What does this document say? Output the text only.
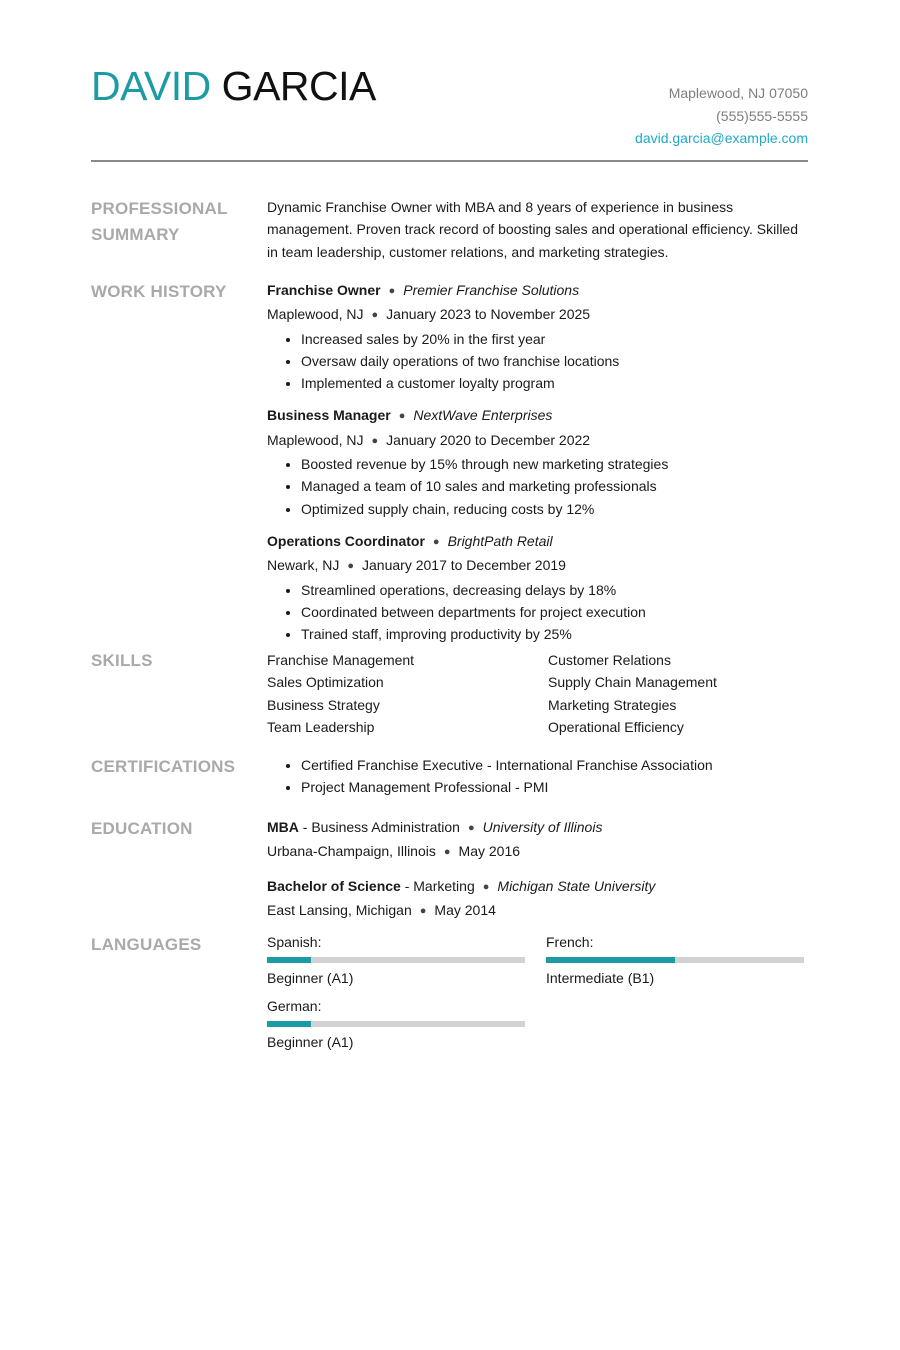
DAVID GARCIA	Maplewood, NJ 07050
(555)555-5555
david.garcia@example.com
PROFESSIONAL
SUMMARY

Dynamic Franchise Owner with MBA and 8 years of experience in business management. Proven track record of boosting sales and operational efficiency. Skilled in team leadership, customer relations, and marketing strategies.

WORK HISTORY	Franchise Owner ● Premier Franchise Solutions
Maplewood, NJ ● January 2023 to November 2025
• Increased sales by 20% in the first year
• Oversaw daily operations of two franchise locations
• Implemented a customer loyalty program
Business Manager ● NextWave Enterprises
Maplewood, NJ ● January 2020 to December 2022
• Boosted revenue by 15% through new marketing strategies
• Managed a team of 10 sales and marketing professionals
• Optimized supply chain, reducing costs by 12%
Operations Coordinator ● BrightPath Retail
Newark, NJ ● January 2017 to December 2019
• Streamlined operations, decreasing delays by 18%
• Coordinated between departments for project execution
• Trained staff, improving productivity by 25%
SKILLS	Franchise Management	Customer Relations
Sales Optimization	Supply Chain Management
Business Strategy	Marketing Strategies
Team Leadership	Operational Efficiency
CERTIFICATIONS
•	Certified Franchise Executive - International Franchise Association
• Project Management Professional - PMI
EDUCATION	MBA - Business Administration ● University of Illinois
Urbana-Champaign, Illinois ● May 2016
Bachelor of Science - Marketing ● Michigan State University
East Lansing, Michigan ● May 2014
LANGUAGES	Spanish:
Beginner (A1)
French:
Intermediate (B1)
German:
Beginner (A1)
